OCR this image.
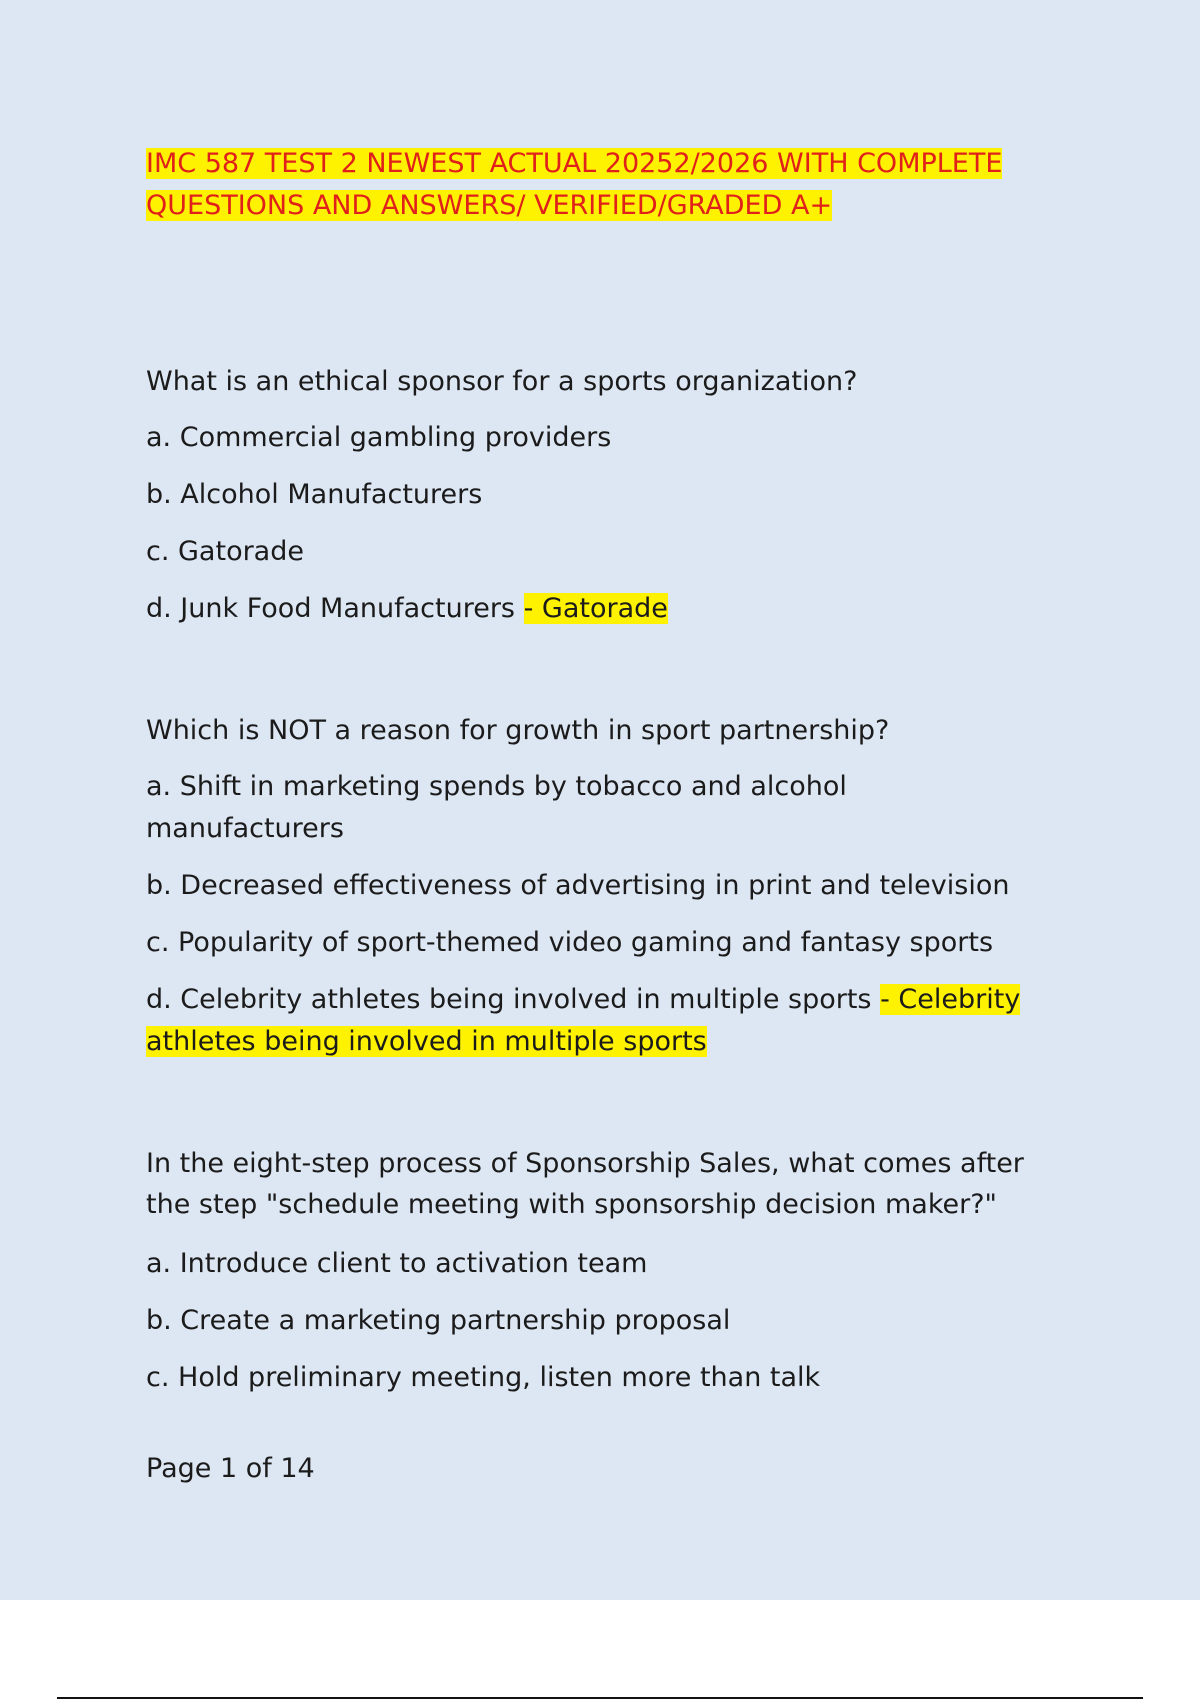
IMC 587 TEST 2 NEWEST ACTUAL 20252/2026 WITH COMPLETE QUESTIONS AND ANSWERS/ VERIFIED/GRADED A+

What is an ethical sponsor for a sports organization?

a. Commercial gambling providers

b. Alcohol Manufacturers

c. Gatorade

d. Junk Food Manufacturers - Gatorade

Which is NOT a reason for growth in sport partnership?

a. Shift in marketing spends by tobacco and alcohol manufacturers

b. Decreased effectiveness of advertising in print and television

c. Popularity of sport-themed video gaming and fantasy sports

d. Celebrity athletes being involved in multiple sports - Celebrity athletes being involved in multiple sports

In the eight-step process of Sponsorship Sales, what comes after the step "schedule meeting with sponsorship decision maker?"

a. Introduce client to activation team

b. Create a marketing partnership proposal

c. Hold preliminary meeting, listen more than talk

Page 1 of 14
